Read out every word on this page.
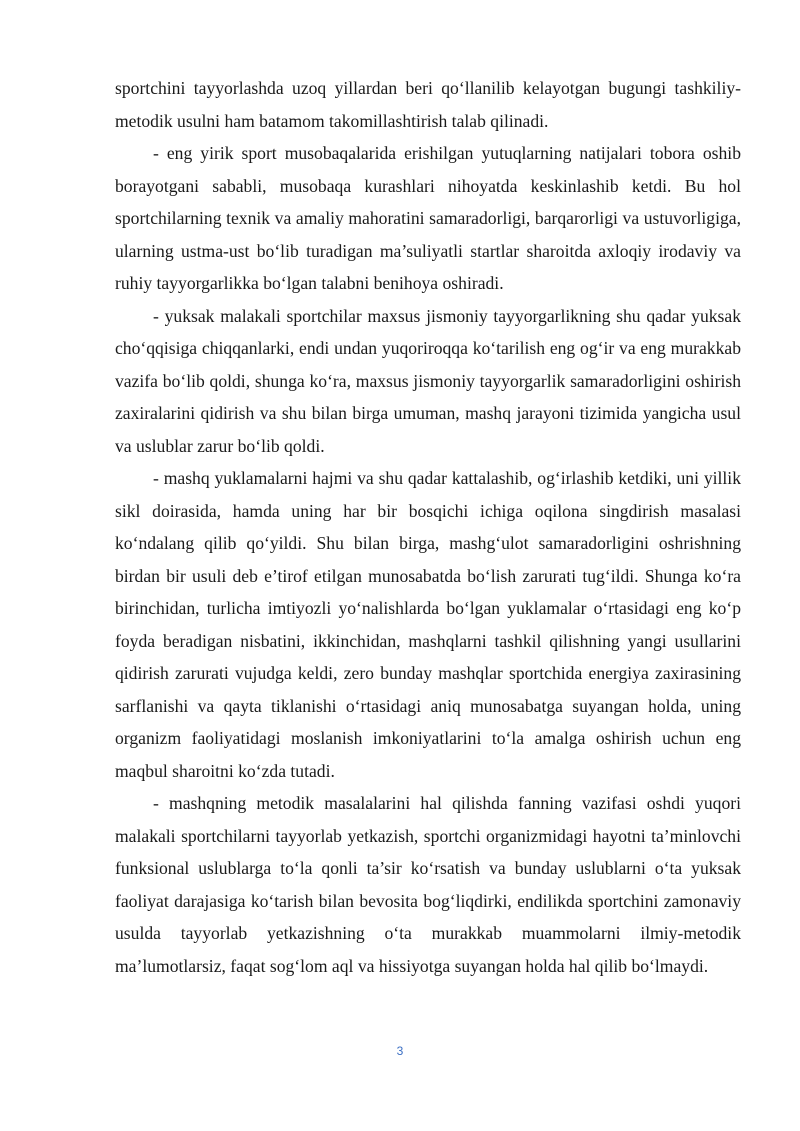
sportchini tayyorlashda uzoq yillardan beri qo‘llanilib kelayotgan bugungi tashkiliy-metodik usulni ham batamom takomillashtirish talab qilinadi.

- eng yirik sport musobaqalarida erishilgan yutuqlarning natijalari tobora oshib borayotgani sababli, musobaqa kurashlari nihoyatda keskinlashib ketdi. Bu hol sportchilarning texnik va amaliy mahoratini samaradorligi, barqarorligi va ustuvorligiga, ularning ustma-ust bo‘lib turadigan ma’suliyatli startlar sharoitda axloqiy irodaviy va ruhiy tayyorgarlikka bo‘lgan talabni benihoya oshiradi.

- yuksak malakali sportchilar maxsus jismoniy tayyorgarlikning shu qadar yuksak cho‘qqisiga chiqqanlarki, endi undan yuqoriroqqa ko‘tarilish eng og‘ir va eng murakkab vazifa bo‘lib qoldi, shunga ko‘ra, maxsus jismoniy tayyorgarlik samaradorligini oshirish zaxiralarini qidirish va shu bilan birga umuman, mashq jarayoni tizimida yangicha usul va uslublar zarur bo‘lib qoldi.

- mashq yuklamalarni hajmi va shu qadar kattalashib, og‘irlashib ketdiki, uni yillik sikl doirasida, hamda uning har bir bosqichi ichiga oqilona singdirish masalasi ko‘ndalang qilib qo‘yildi. Shu bilan birga, mashg‘ulot samaradorligini oshrishning birdan bir usuli deb e’tirof etilgan munosabatda bo‘lish zarurati tug‘ildi. Shunga ko‘ra birinchidan, turlicha imtiyozli yo‘nalishlarda bo‘lgan yuklamalar o‘rtasidagi eng ko‘p foyda beradigan nisbatini, ikkinchidan, mashqlarni tashkil qilishning yangi usullarini qidirish zarurati vujudga keldi, zero bunday mashqlar sportchida energiya zaxirasining sarflanishi va qayta tiklanishi o‘rtasidagi aniq munosabatga suyangan holda, uning organizm faoliyatidagi moslanish imkoniyatlarini to‘la amalga oshirish uchun eng maqbul sharoitni ko‘zda tutadi.

- mashqning metodik masalalarini hal qilishda fanning vazifasi oshdi yuqori malakali sportchilarni tayyorlab yetkazish, sportchi organizmidagi hayotni ta’minlovchi funksional uslublarga to‘la qonli ta’sir ko‘rsatish va bunday uslublarni o‘ta yuksak faoliyat darajasiga ko‘tarish bilan bevosita bog‘liqdirki, endilikda sportchini zamonaviy usulda tayyorlab yetkazishning o‘ta murakkab muammolarni ilmiy-metodik ma’lumotlarsiz, faqat sog‘lom aql va hissiyotga suyangan holda hal qilib bo‘lmaydi.

3
